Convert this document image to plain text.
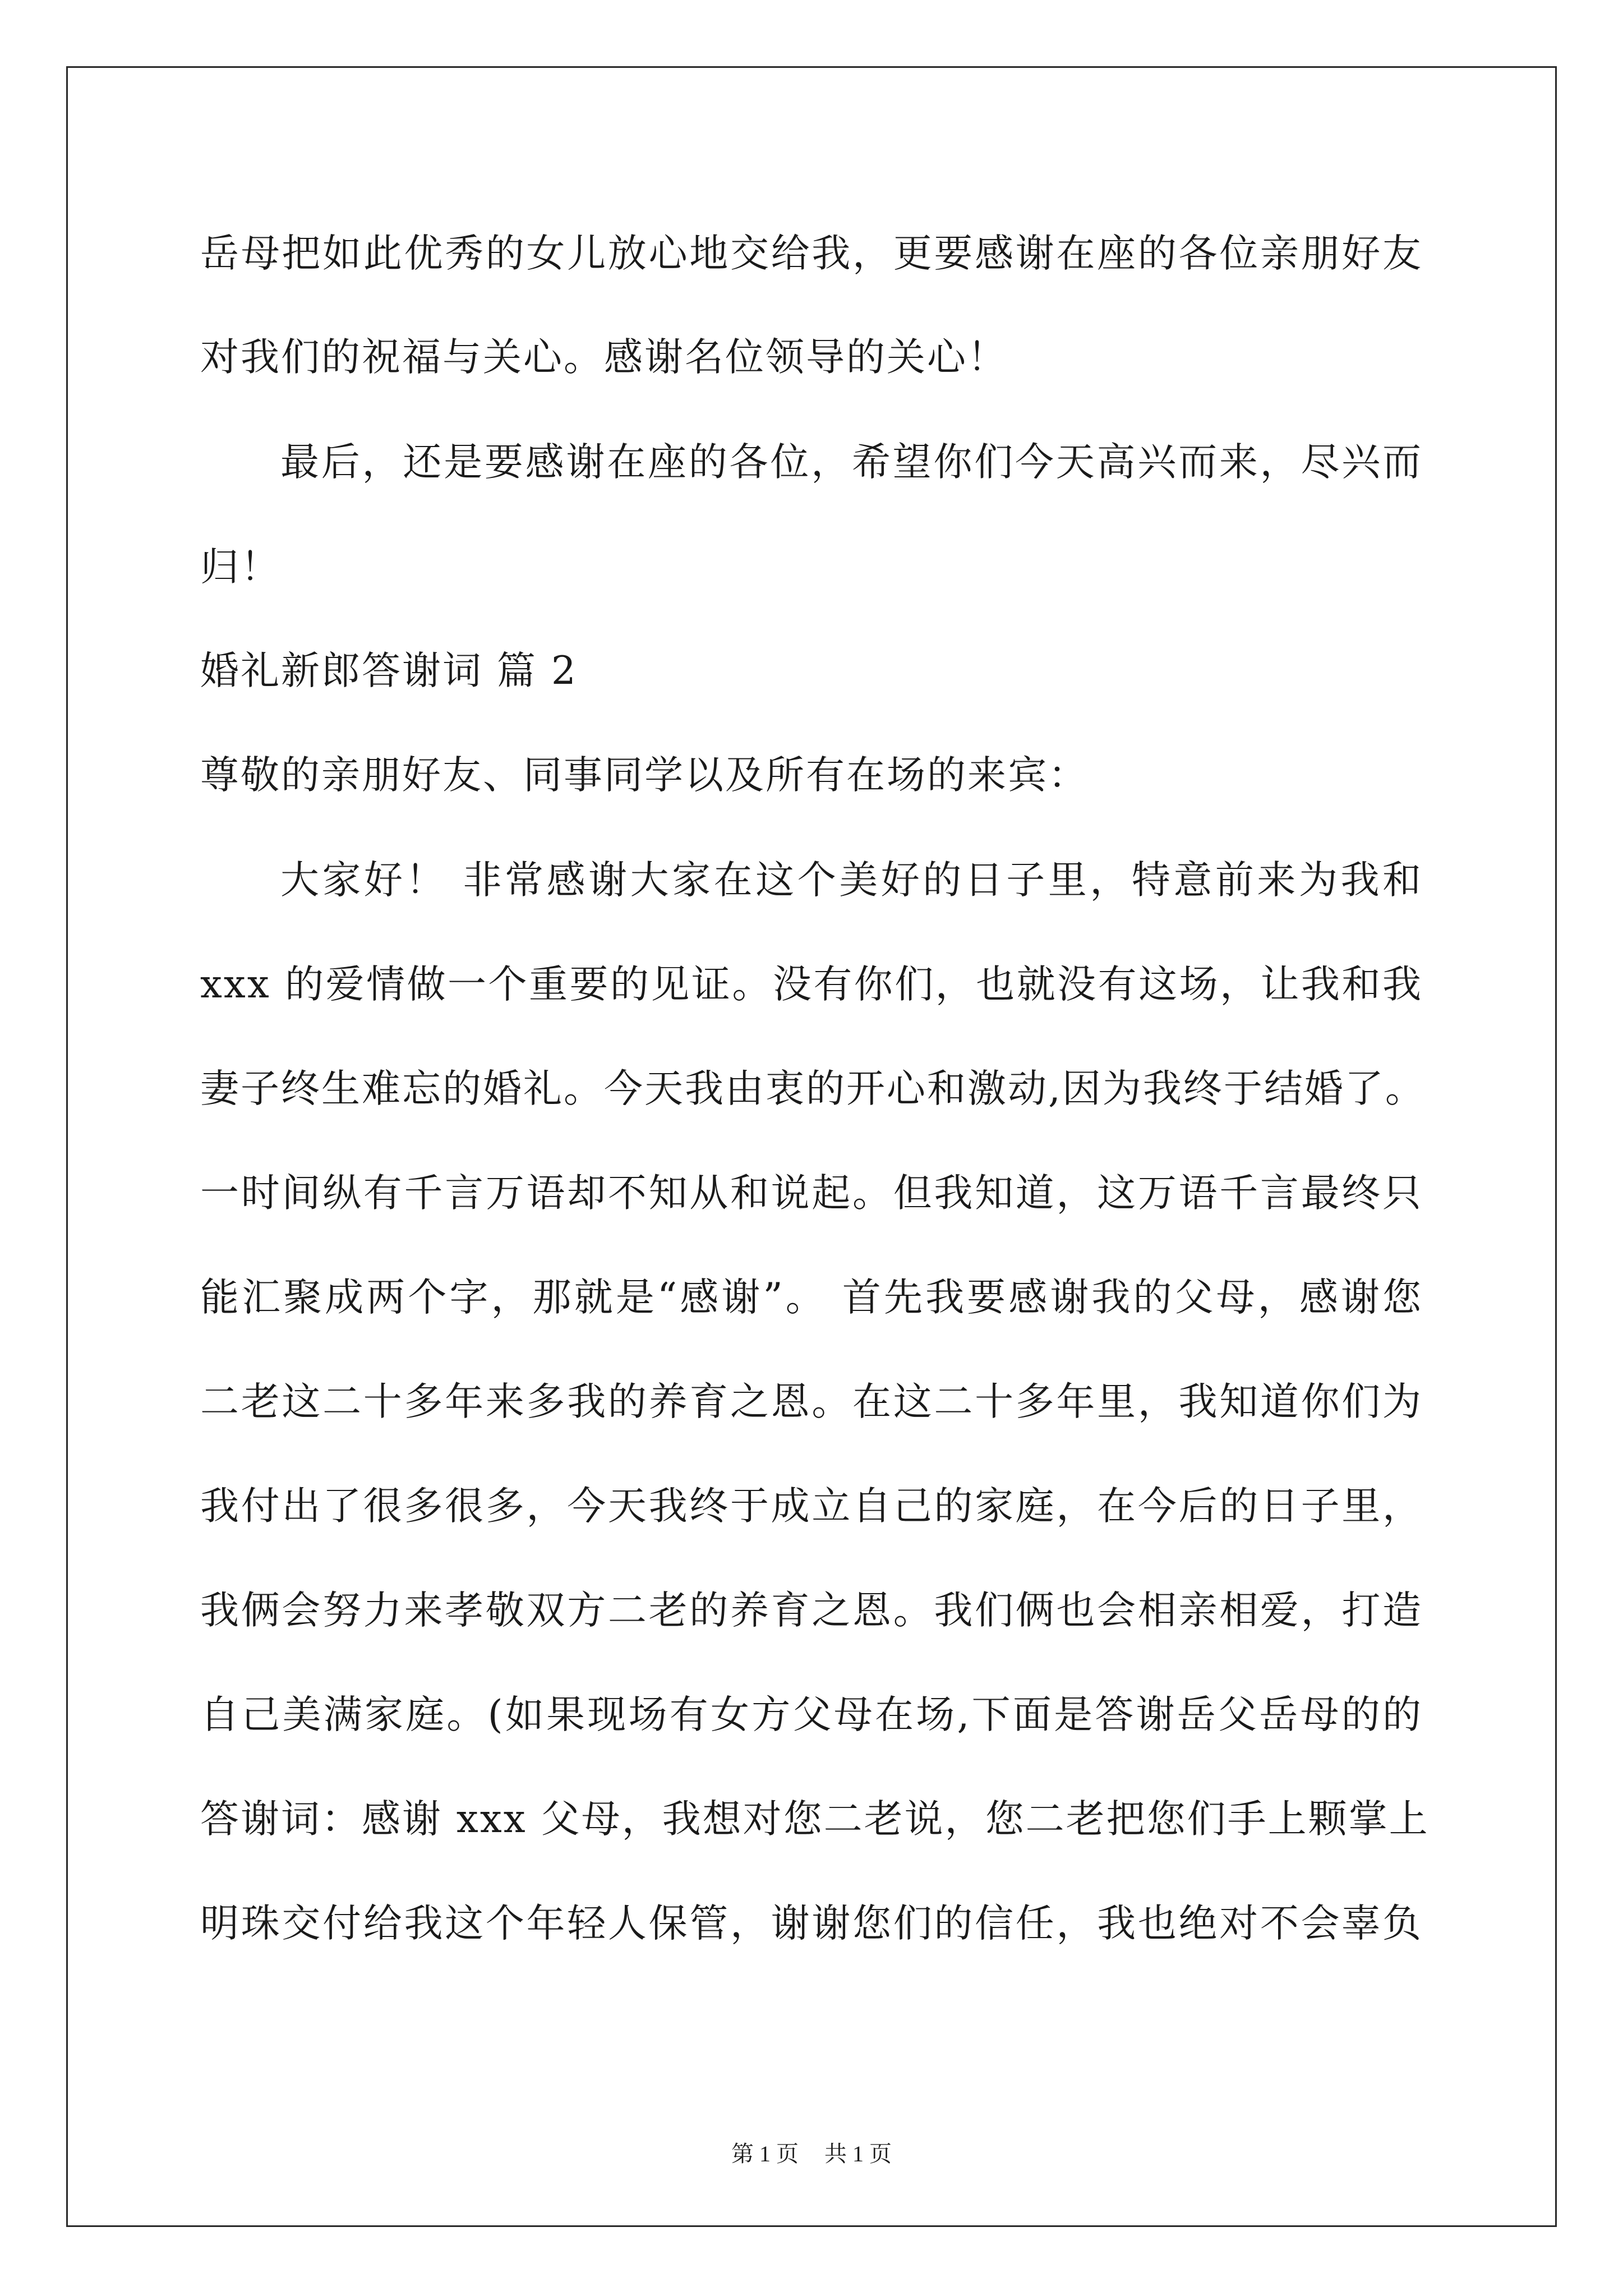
岳母把如此优秀的女儿放心地交给我，更要感谢在座的各位亲朋好友
对我们的祝福与关心。感谢名位领导的关心！
最后，还是要感谢在座的各位，希望你们今天高兴而来，尽兴而
归！
婚礼新郎答谢词 篇 2
尊敬的亲朋好友、同事同学以及所有在场的来宾：
大家好！ 非常感谢大家在这个美好的日子里，特意前来为我和
xxx 的爱情做一个重要的见证。没有你们，也就没有这场，让我和我
妻子终生难忘的婚礼。今天我由衷的开心和激动,因为我终于结婚了。
一时间纵有千言万语却不知从和说起。但我知道，这万语千言最终只
能汇聚成两个字，那就是“感谢”。 首先我要感谢我的父母，感谢您
二老这二十多年来多我的养育之恩。在这二十多年里，我知道你们为
我付出了很多很多，今天我终于成立自己的家庭，在今后的日子里，
我俩会努力来孝敬双方二老的养育之恩。我们俩也会相亲相爱，打造
自己美满家庭。(如果现场有女方父母在场,下面是答谢岳父岳母的的
答谢词：感谢 xxx 父母，我想对您二老说，您二老把您们手上颗掌上
明珠交付给我这个年轻人保管，谢谢您们的信任，我也绝对不会辜负
第 1 页 共 1 页
